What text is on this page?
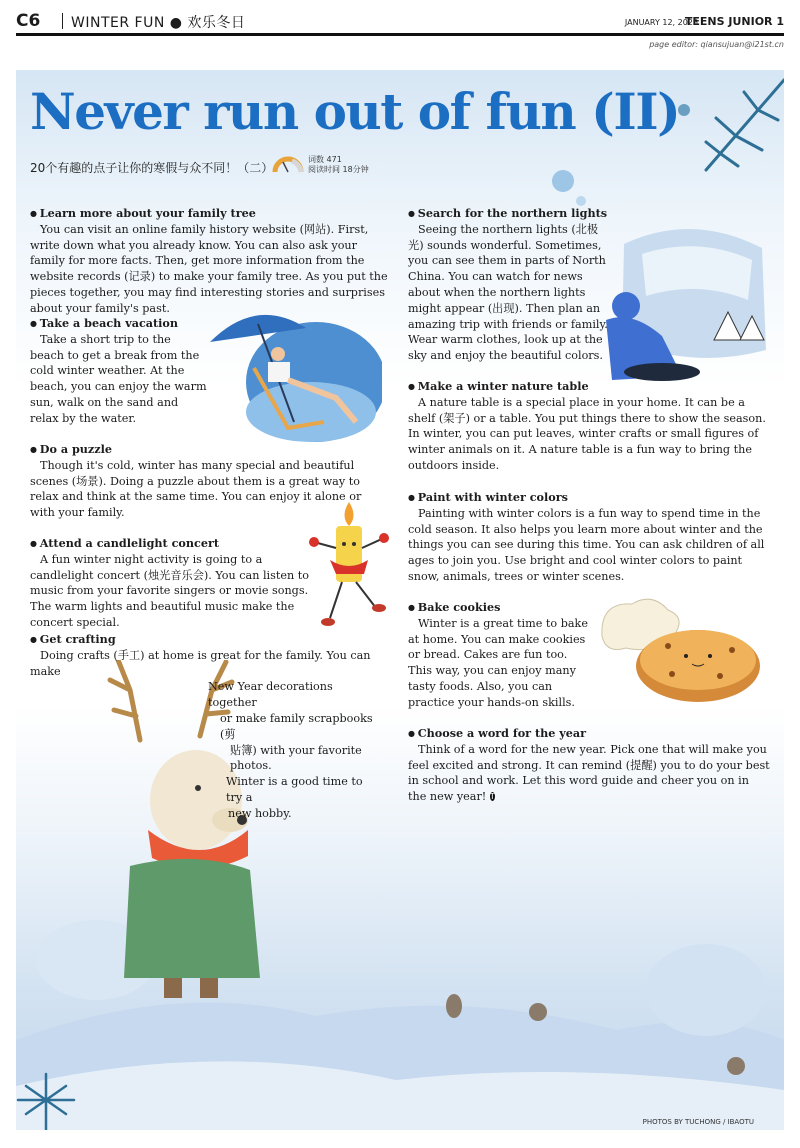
C6 WINTER FUN ● 欢乐冬日	JANUARY 12, 2026
TEENS JUNIOR 1
page editor: qiansujuan@i21st.cn
Never run out of fun (II)
20个有趣的点子让你的寒假与众不同！（二）
词数 471
阅读时间 18分钟
● Learn more about your family tree

You can visit an online family history website (网站). First, write down what you already know. You can also ask your family for more facts. Then, get more information from the website records (记录) to make your family tree. As you put the pieces together, you may find interesting stories and surprises about your family's past.

● Take a beach vacation

Take a short trip to the beach to get a break from the cold winter weather. At the beach, you can enjoy the warm sun, walk on the sand and relax by the water.

● Do a puzzle

Though it's cold, winter has many special and beautiful scenes (场景). Doing a puzzle about them is a great way to relax and think at the same time. You can enjoy it alone or with your family.

● Attend a candlelight concert

A fun winter night activity is going to a candlelight concert (烛光音乐会). You can listen to music from your favorite singers or movie songs. The warm lights and beautiful music make the concert special.

● Get crafting

Doing crafts (手工) at home is great for the family. You can make

New Year decorations together
or make family scrapbooks (剪
贴簿) with your favorite photos.
Winter is a good time to try a
new hobby.
● Search for the northern lights

Seeing the northern lights (北极光) sounds wonderful. Sometimes, you can see them in parts of North China. You can watch for news about when the northern lights might appear (出现). Then plan an amazing trip with friends or family. Wear warm clothes, look up at the sky and enjoy the beautiful colors.

● Make a winter nature table

A nature table is a special place in your home. It can be a shelf (架子) or a table. You put things there to show the season. In winter, you can put leaves, winter crafts or small figures of winter animals on it. A nature table is a fun way to bring the outdoors inside.

● Paint with winter colors

Painting with winter colors is a fun way to spend time in the cold season. It also helps you learn more about winter and the things you can see during this time. You can ask children of all ages to join you. Use bright and cool winter colors to paint snow, animals, trees or winter scenes.

● Bake cookies

Winter is a great time to bake at home. You can make cookies or bread. Cakes are fun too. This way, you can enjoy many tasty foods. Also, you can practice your hands-on skills.

● Choose a word for the year

Think of a word for the new year. Pick one that will make you feel excited and strong. It can remind (提醒) you to do your best in school and work. Let this word guide and cheer you on in the new year! T

PHOTOS BY TUCHONG / IBAOTU
